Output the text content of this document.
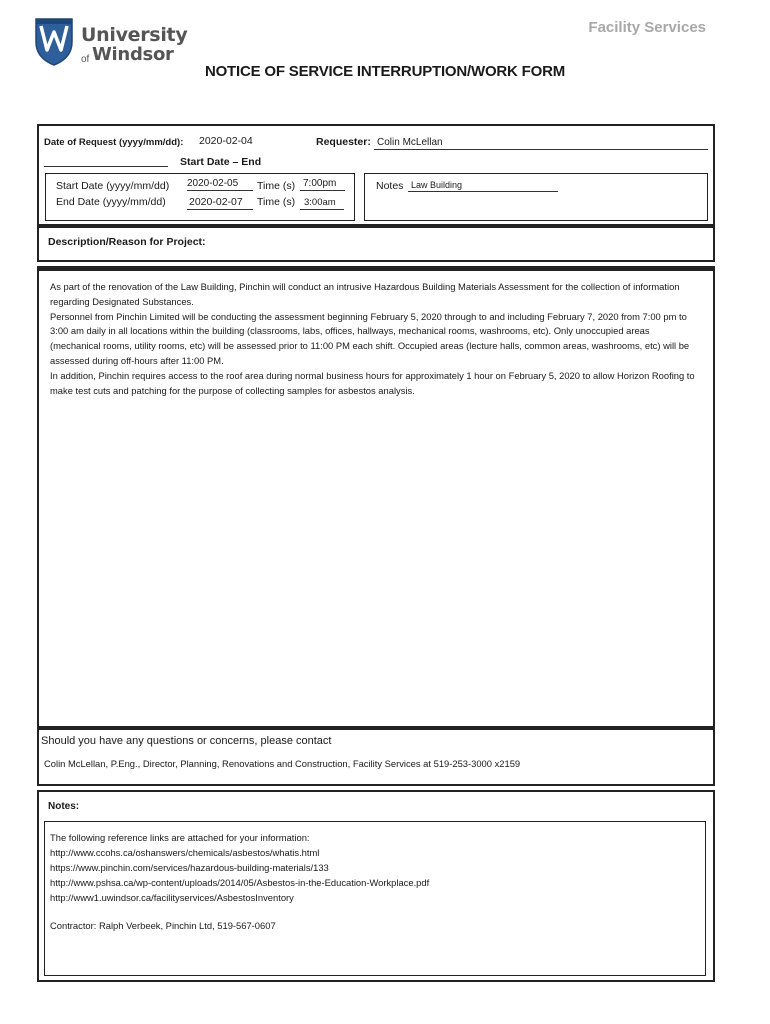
University
of Windsor
Facility Services
NOTICE OF SERVICE INTERRUPTION/WORK FORM
Date of Request (yyyy/mm/dd): 2020-02-04	Requester: Colin McLellan
Start Date – End
Start Date (yyyy/mm/dd) 2020-02-05	Time (s) 7:00pm
End Date (yyyy/mm/dd) 2020-02-07	Time (s) 3:00am
Notes Law Building
Description/Reason for Project:

As part of the renovation of the Law Building, Pinchin will conduct an intrusive Hazardous Building Materials Assessment for the collection of information regarding Designated Substances.

Personnel from Pinchin Limited will be conducting the assessment beginning February 5, 2020 through to and including February 7, 2020 from 7:00 pm to 3:00 am daily in all locations within the building (classrooms, labs, offices, hallways, mechanical rooms, washrooms, etc). Only unoccupied areas (mechanical rooms, utility rooms, etc) will be assessed prior to 11:00 PM each shift. Occupied areas (lecture halls, common areas, washrooms, etc) will be assessed during off-hours after 11:00 PM.

In addition, Pinchin requires access to the roof area during normal business hours for approximately 1 hour on February 5, 2020 to allow Horizon Roofing to make test cuts and patching for the purpose of collecting samples for asbestos analysis.

Should you have any questions or concerns, please contact
Colin McLellan, P.Eng., Director, Planning, Renovations and Construction, Facility Services at 519-253-3000 x2159
Notes:
The following reference links are attached for your information:
http://www.ccohs.ca/oshanswers/chemicals/asbestos/whatis.html
https://www.pinchin.com/services/hazardous-building-materials/133
http://www.pshsa.ca/wp-content/uploads/2014/05/Asbestos-in-the-Education-Workplace.pdf
http://www1.uwindsor.ca/facilityservices/AsbestosInventory
Contractor: Ralph Verbeek, Pinchin Ltd, 519-567-0607
